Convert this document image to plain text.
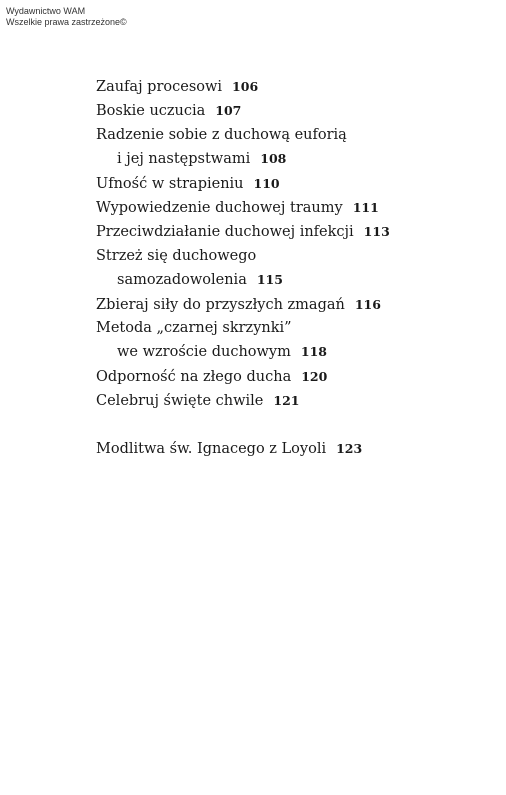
Wydawnictwo WAM
Wszelkie prawa zastrzeżone©
Zaufaj procesowi 106
Boskie uczucia 107
Radzenie sobie z duchową euforią
i jej następstwami 108
Ufność w strapieniu 110
Wypowiedzenie duchowej traumy 111
Przeciwdziałanie duchowej infekcji 113
Strzeż się duchowego
samozadowolenia 115
Zbieraj siły do przyszłych zmagań 116
Metoda „czarnej skrzynki”
we wzroście duchowym 118
Odporność na złego ducha 120
Celebruj święte chwile 121
Modlitwa św. Ignacego z Loyoli 123
